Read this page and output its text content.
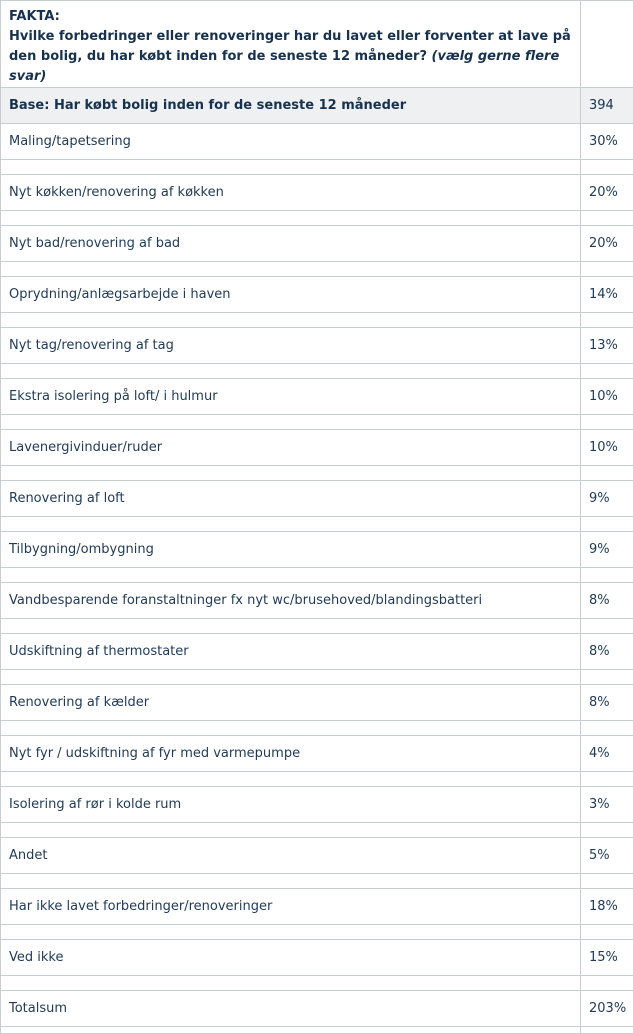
FAKTA:
Hvilke forbedringer eller renoveringer har du lavet eller forventer at lave på den bolig, du har købt inden for de seneste 12 måneder? (vælg gerne flere svar)	

Base: Har købt bolig inden for de seneste 12 måneder	394
Maling/tapetsering	30%

Nyt køkken/renovering af køkken	20%

Nyt bad/renovering af bad	20%

Oprydning/anlægsarbejde i haven	14%

Nyt tag/renovering af tag	13%

Ekstra isolering på loft/ i hulmur	10%

Lavenergivinduer/ruder	10%

Renovering af loft	9%

Tilbygning/ombygning	9%

Vandbesparende foranstaltninger fx nyt wc/brusehoved/blandingsbatteri	8%

Udskiftning af thermostater	8%

Renovering af kælder	8%

Nyt fyr / udskiftning af fyr med varmepumpe	4%

Isolering af rør i kolde rum	3%

Andet	5%

Har ikke lavet forbedringer/renoveringer	18%

Ved ikke	15%

Totalsum	203%
